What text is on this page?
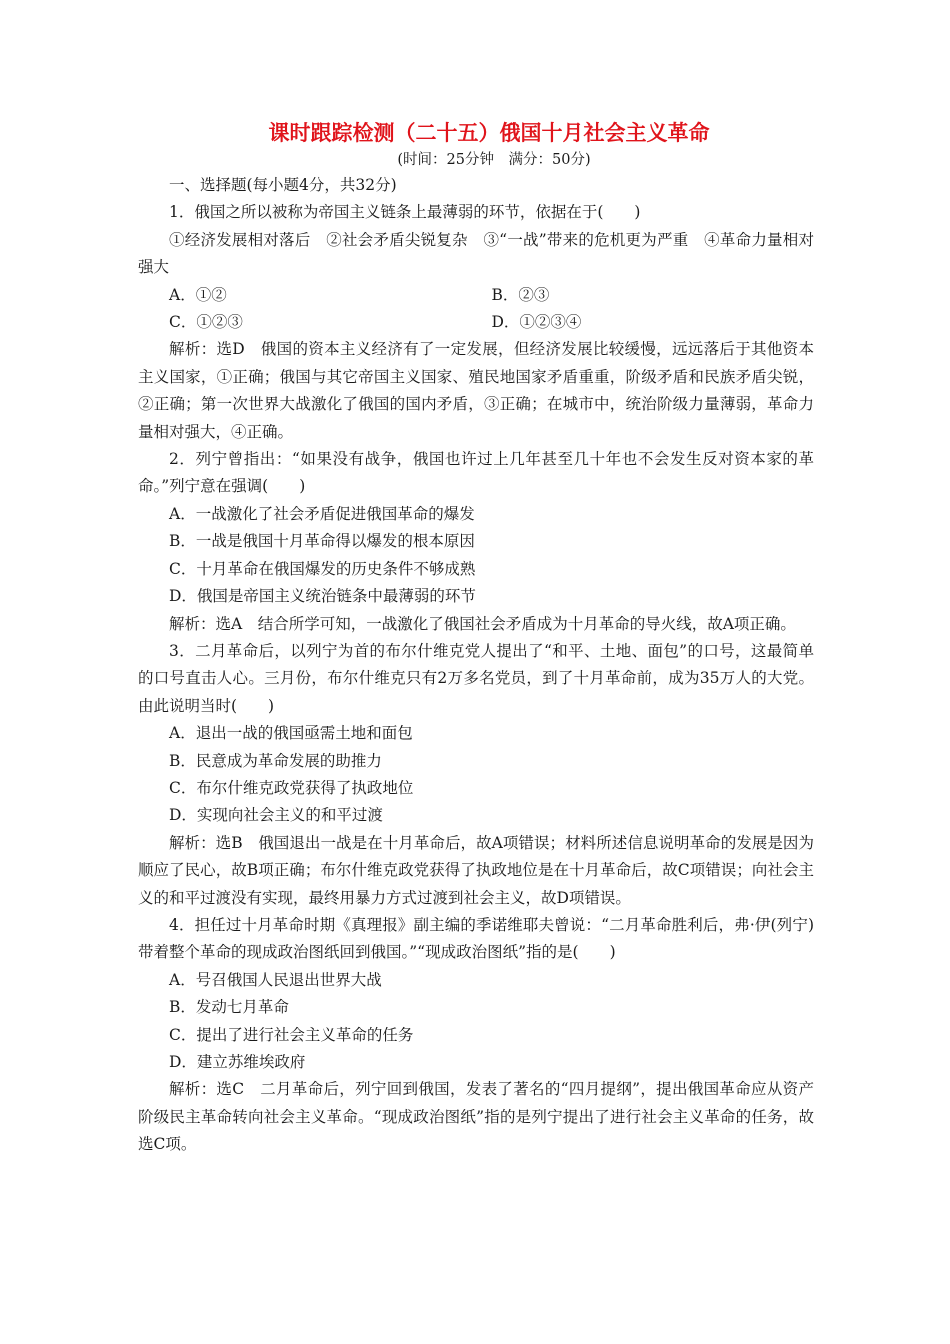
课时跟踪检测（二十五）俄国十月社会主义革命
(时间：25分钟　满分：50分)
一、选择题(每小题4分，共32分)
1．俄国之所以被称为帝国主义链条上最薄弱的环节，依据在于(　　)

①经济发展相对落后　②社会矛盾尖锐复杂　③“一战”带来的危机更为严重　④革命力量相对强大

A．①②	B．②③
C．①②③	D．①②③④

解析：选D　俄国的资本主义经济有了一定发展，但经济发展比较缓慢，远远落后于其他资本主义国家，①正确；俄国与其它帝国主义国家、殖民地国家矛盾重重，阶级矛盾和民族矛盾尖锐，②正确；第一次世界大战激化了俄国的国内矛盾，③正确；在城市中，统治阶级力量薄弱，革命力量相对强大，④正确。

2．列宁曾指出：“如果没有战争，俄国也许过上几年甚至几十年也不会发生反对资本家的革命。”列宁意在强调(　　)

A．一战激化了社会矛盾促进俄国革命的爆发
B．一战是俄国十月革命得以爆发的根本原因
C．十月革命在俄国爆发的历史条件不够成熟
D．俄国是帝国主义统治链条中最薄弱的环节

解析：选A　结合所学可知，一战激化了俄国社会矛盾成为十月革命的导火线，故A项正确。

3．二月革命后，以列宁为首的布尔什维克党人提出了“和平、土地、面包”的口号，这最简单的口号直击人心。三月份，布尔什维克只有2万多名党员，到了十月革命前，成为35万人的大党。由此说明当时(　　)

A．退出一战的俄国亟需土地和面包
B．民意成为革命发展的助推力
C．布尔什维克政党获得了执政地位
D．实现向社会主义的和平过渡

解析：选B　俄国退出一战是在十月革命后，故A项错误；材料所述信息说明革命的发展是因为顺应了民心，故B项正确；布尔什维克政党获得了执政地位是在十月革命后，故C项错误；向社会主义的和平过渡没有实现，最终用暴力方式过渡到社会主义，故D项错误。

4．担任过十月革命时期《真理报》副主编的季诺维耶夫曾说：“二月革命胜利后，弗·伊(列宁)带着整个革命的现成政治图纸回到俄国。”“现成政治图纸”指的是(　　)

A．号召俄国人民退出世界大战
B．发动七月革命
C．提出了进行社会主义革命的任务
D．建立苏维埃政府

解析：选C　二月革命后，列宁回到俄国，发表了著名的“四月提纲”，提出俄国革命应从资产阶级民主革命转向社会主义革命。“现成政治图纸”指的是列宁提出了进行社会主义革命的任务，故选C项。
